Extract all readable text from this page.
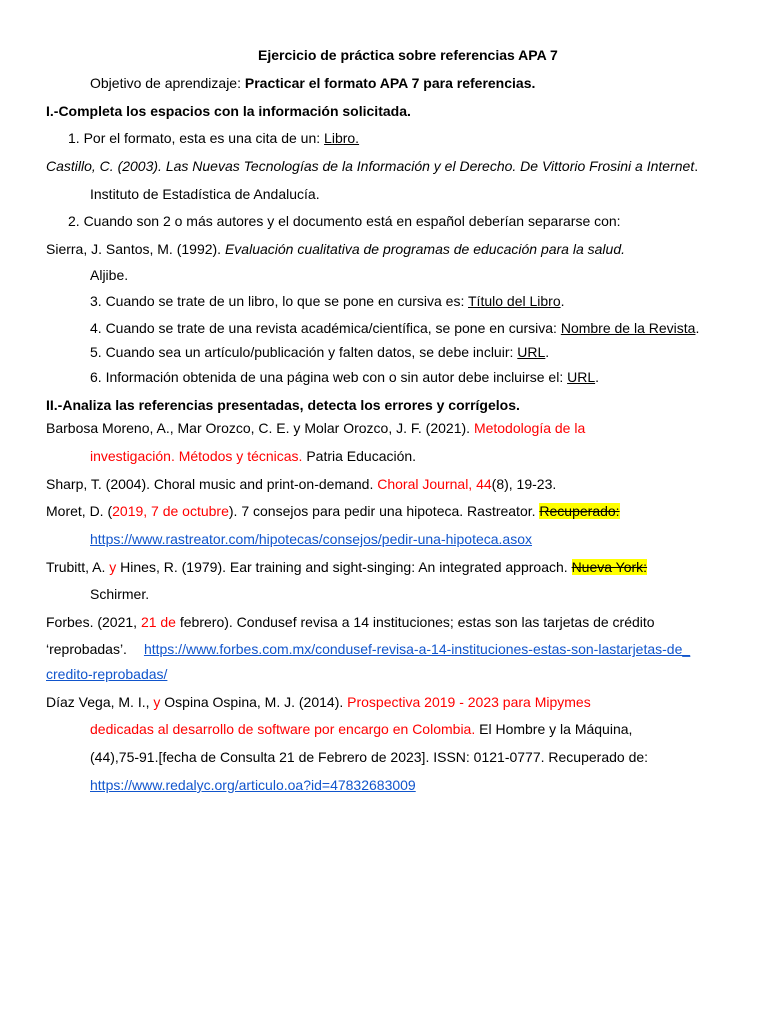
Ejercicio de práctica sobre referencias APA 7
Objetivo de aprendizaje: Practicar el formato APA 7 para referencias.
I.-Completa los espacios con la información solicitada.
1. Por el formato, esta es una cita de un: Libro.
Castillo, C. (2003). Las Nuevas Tecnologías de la Información y el Derecho. De Vittorio Frosini a Internet.
Instituto de Estadística de Andalucía.
2. Cuando son 2 o más autores y el documento está en español deberían separarse con:
Sierra, J. Santos, M. (1992). Evaluación cualitativa de programas de educación para la salud.
Aljibe.
3. Cuando se trate de un libro, lo que se pone en cursiva es: Título del Libro.
4. Cuando se trate de una revista académica/científica, se pone en cursiva: Nombre de la Revista.
5. Cuando sea un artículo/publicación y falten datos, se debe incluir: URL.
6. Información obtenida de una página web con o sin autor debe incluirse el: URL.
II.-Analiza las referencias presentadas, detecta los errores y corrígelos.
Barbosa Moreno, A., Mar Orozco, C. E. y Molar Orozco, J. F. (2021). Metodología de la
investigación. Métodos y técnicas. Patria Educación.
Sharp, T. (2004). Choral music and print-on-demand. Choral Journal, 44(8), 19-23.
Moret, D. (2019, 7 de octubre). 7 consejos para pedir una hipoteca. Rastreator. Recuperado:
https://www.rastreator.com/hipotecas/consejos/pedir-una-hipoteca.asox
Trubitt, A. y Hines, R. (1979). Ear training and sight-singing: An integrated approach. Nueva York:
Schirmer.
Forbes. (2021, 21 de febrero). Condusef revisa a 14 instituciones; estas son las tarjetas de crédito
‘reprobadas’. https://www.forbes.com.mx/condusef-revisa-a-14-instituciones-estas-son-lastarjetas-de_
credito-reprobadas/
Díaz Vega, M. I., y Ospina Ospina, M. J. (2014). Prospectiva 2019 - 2023 para Mipymes
dedicadas al desarrollo de software por encargo en Colombia. El Hombre y la Máquina,
(44),75-91.[fecha de Consulta 21 de Febrero de 2023]. ISSN: 0121-0777. Recuperado de:
https://www.redalyc.org/articulo.oa?id=47832683009
